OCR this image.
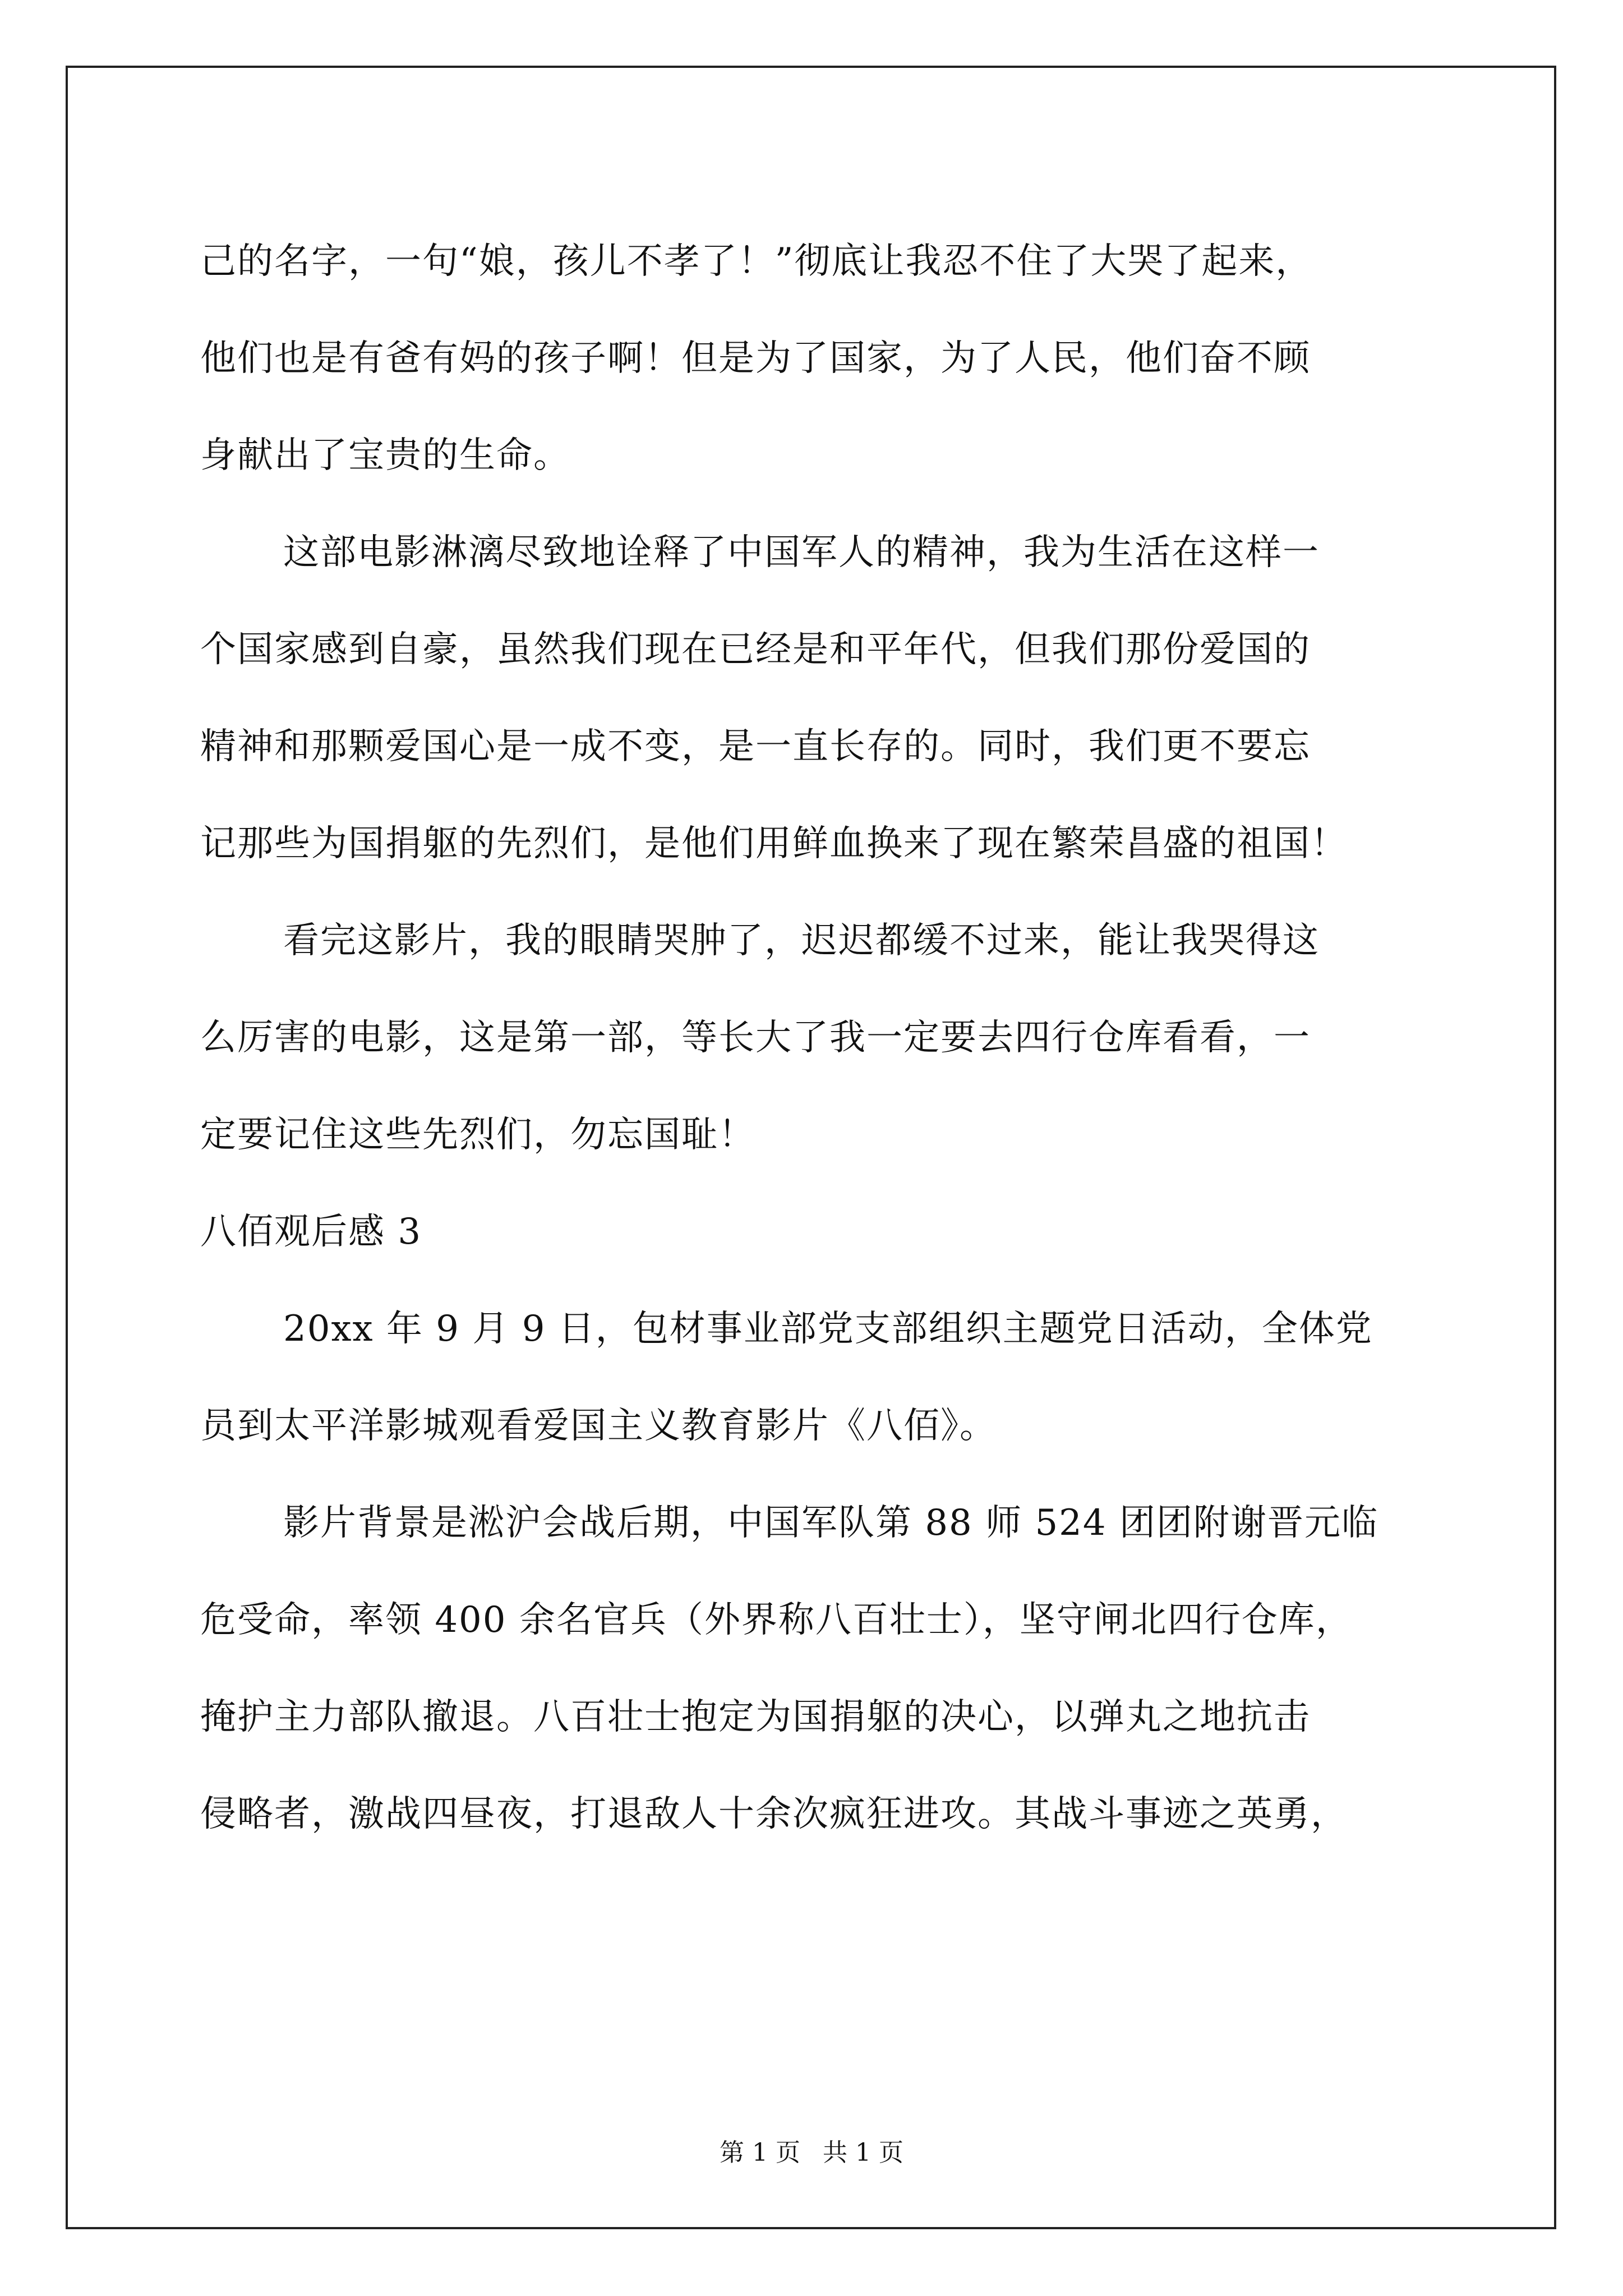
己的名字，一句“娘，孩儿不孝了！”彻底让我忍不住了大哭了起来，
他们也是有爸有妈的孩子啊！但是为了国家，为了人民，他们奋不顾
身献出了宝贵的生命。
这部电影淋漓尽致地诠释了中国军人的精神，我为生活在这样一
个国家感到自豪，虽然我们现在已经是和平年代，但我们那份爱国的
精神和那颗爱国心是一成不变，是一直长存的。同时，我们更不要忘
记那些为国捐躯的先烈们，是他们用鲜血换来了现在繁荣昌盛的祖国！
看完这影片，我的眼睛哭肿了，迟迟都缓不过来，能让我哭得这
么厉害的电影，这是第一部，等长大了我一定要去四行仓库看看，一
定要记住这些先烈们，勿忘国耻！
八佰观后感 3
20xx 年 9 月 9 日，包材事业部党支部组织主题党日活动，全体党
员到太平洋影城观看爱国主义教育影片《八佰》。
影片背景是淞沪会战后期，中国军队第 88 师 524 团团附谢晋元临
危受命，率领 400 余名官兵（外界称八百壮士），坚守闸北四行仓库，
掩护主力部队撤退。八百壮士抱定为国捐躯的决心，以弹丸之地抗击
侵略者，激战四昼夜，打退敌人十余次疯狂进攻。其战斗事迹之英勇，
第 1 页 共 1 页
